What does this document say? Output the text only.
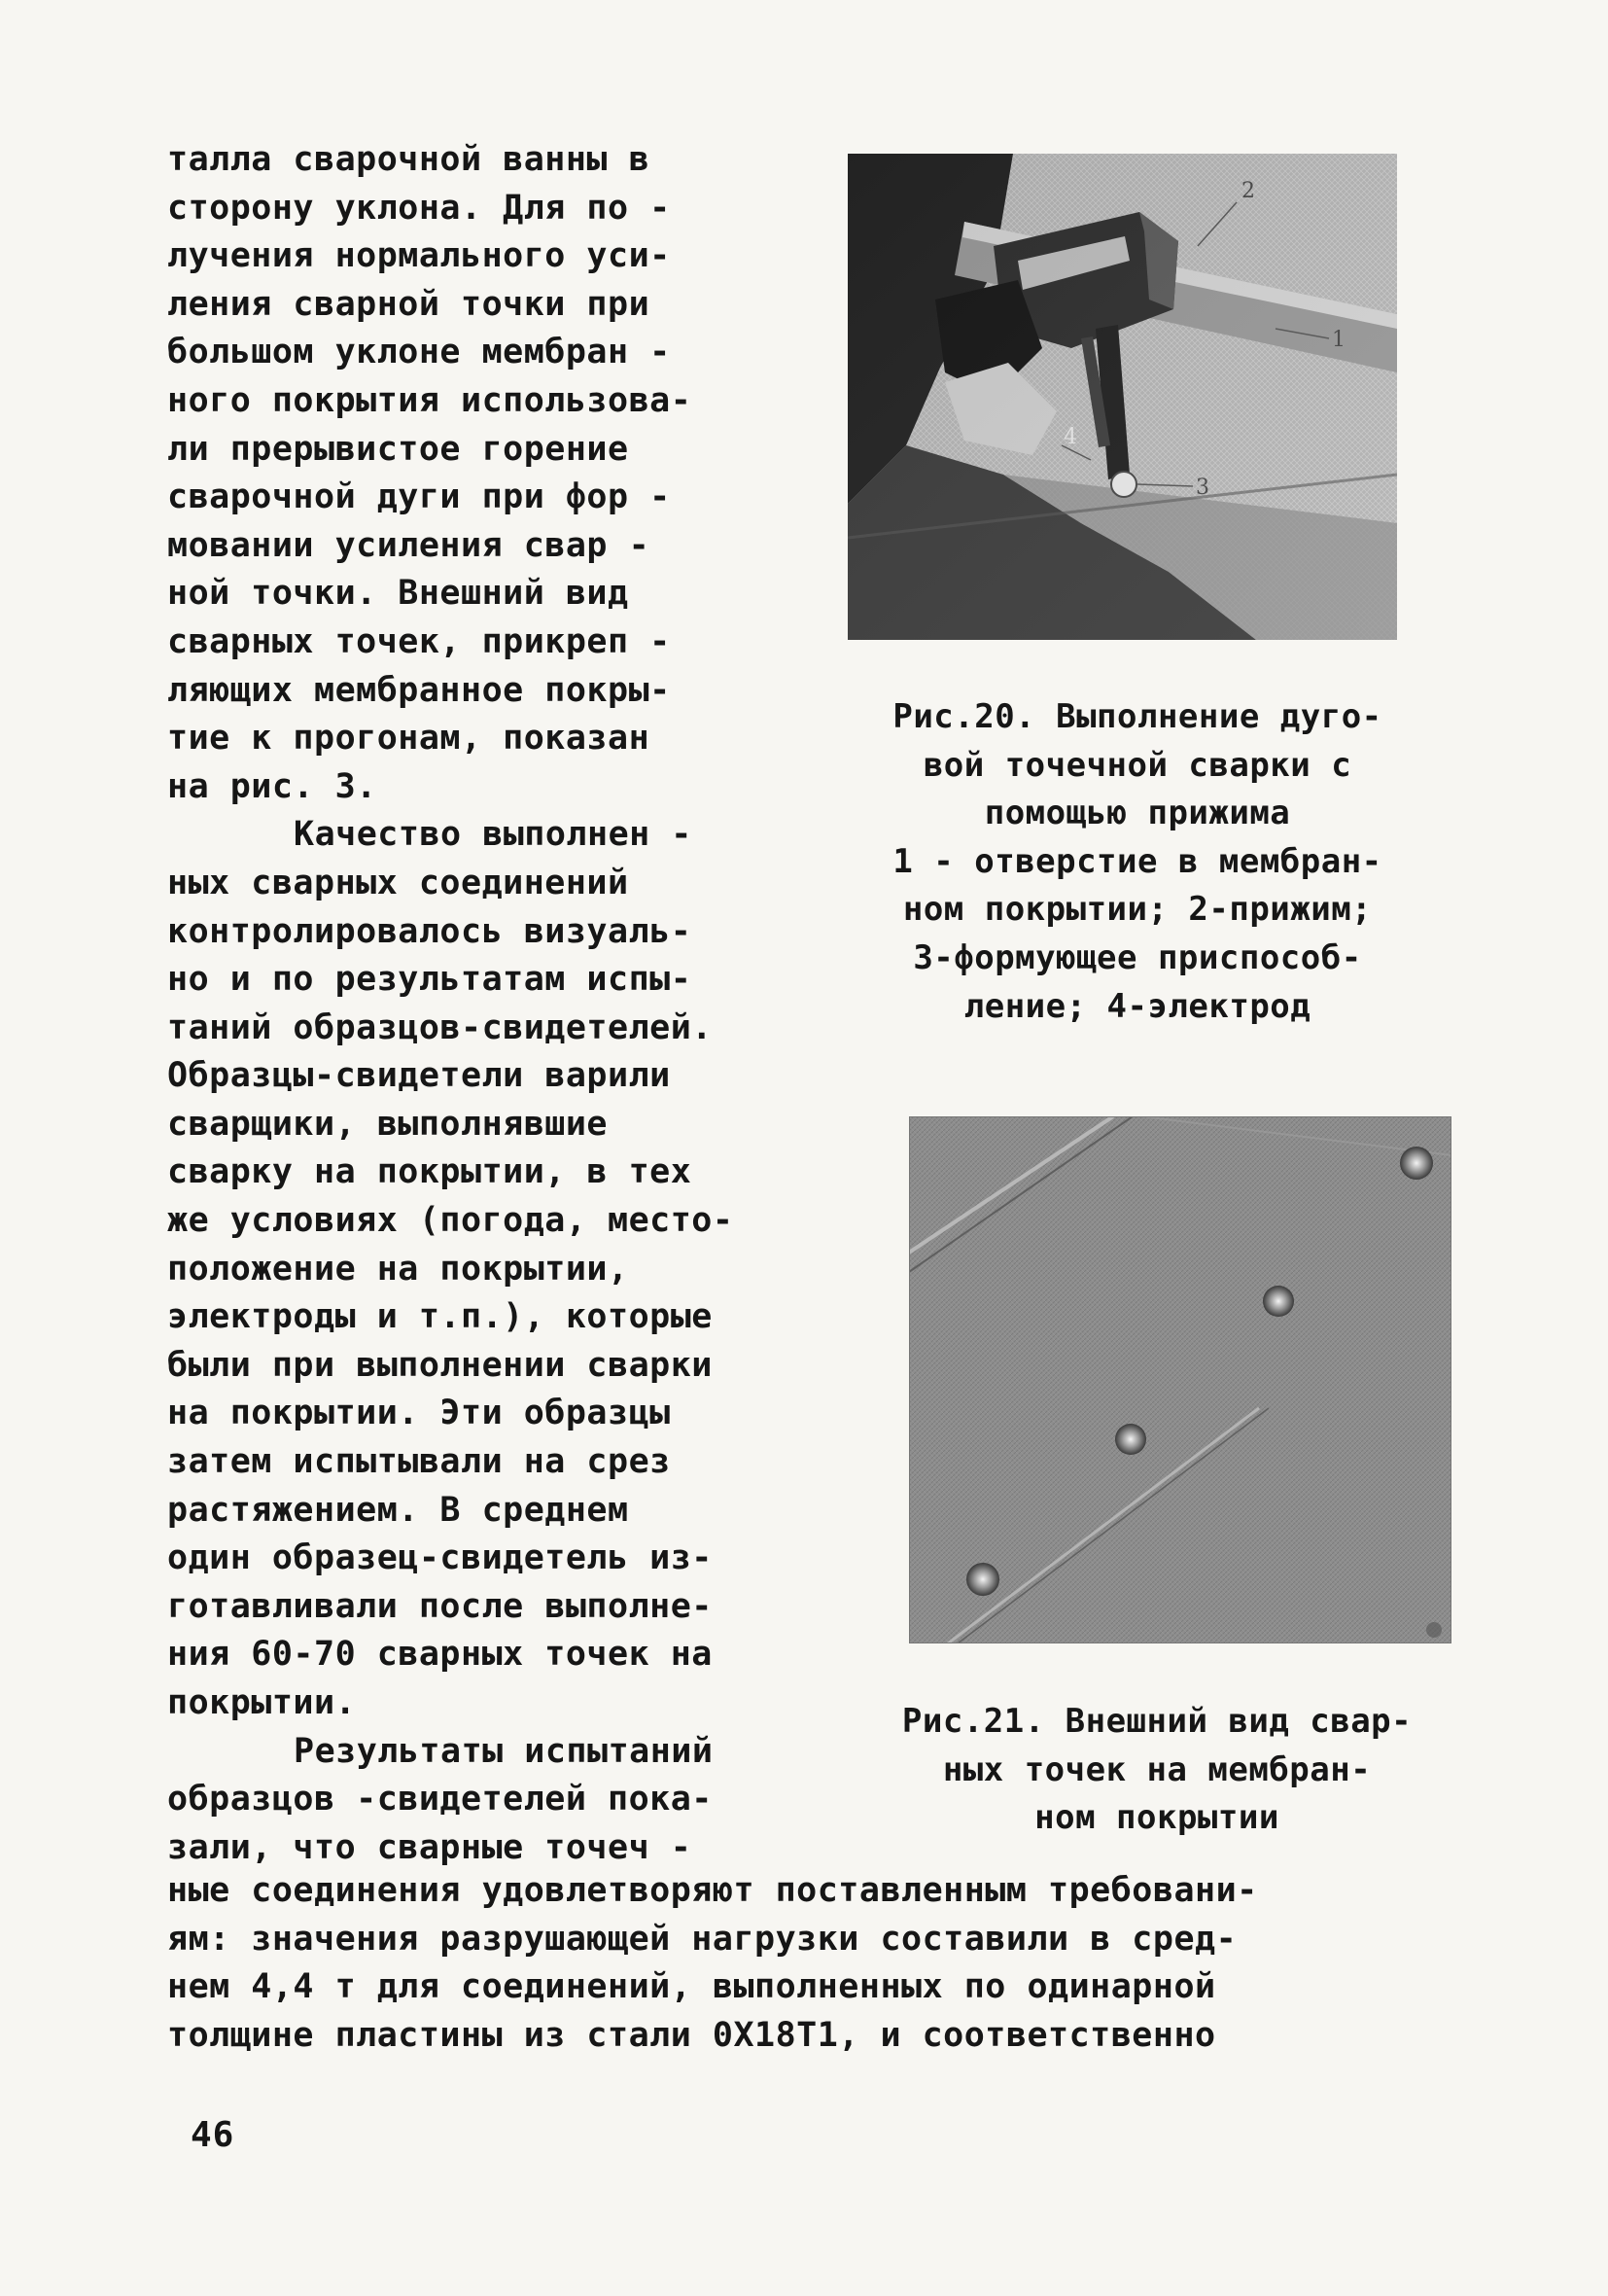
талла сварочной ванны в
сторону уклона. Для по -
лучения нормального уси-
ления сварной точки при
большом уклоне мембран -
ного покрытия использова-
ли прерывистое горение
сварочной дуги при фор -
мовании усиления свар -
ной точки. Внешний вид
сварных точек, прикреп -
ляющих мембранное покры-
тие к прогонам, показан
на рис. 3.

Качество выполнен -
ных сварных соединений
контролировалось визуаль-
но и по результатам испы-
таний образцов-свидетелей.
Образцы-свидетели варили
сварщики, выполнявшие
сварку на покрытии, в тех
же условиях (погода, место-
положение на покрытии,
электроды и т.п.), которые
были при выполнении сварки
на покрытии. Эти образцы
затем испытывали на срез
растяжением. В среднем
один образец-свидетель из-
готавливали после выполне-
ния 60-70 сварных точек на
покрытии.

Результаты испытаний
образцов -свидетелей пока-
зали, что сварные точеч -

ные соединения удовлетворяют поставленным требовани-
ям: значения разрушающей нагрузки составили в сред-
нем 4,4 т для соединений, выполненных по одинарной
толщине пластины из стали 0Х18Т1, и соответственно
2
1
3
4
Рис.20. Выполнение дуго-
вой точечной сварки с
помощью прижима
1 - отверстие в мембран-
ном покрытии; 2-прижим;
3-формующее приспособ-
ление; 4-электрод
Рис.21. Внешний вид свар-
ных точек на мембран-
ном покрытии
46
